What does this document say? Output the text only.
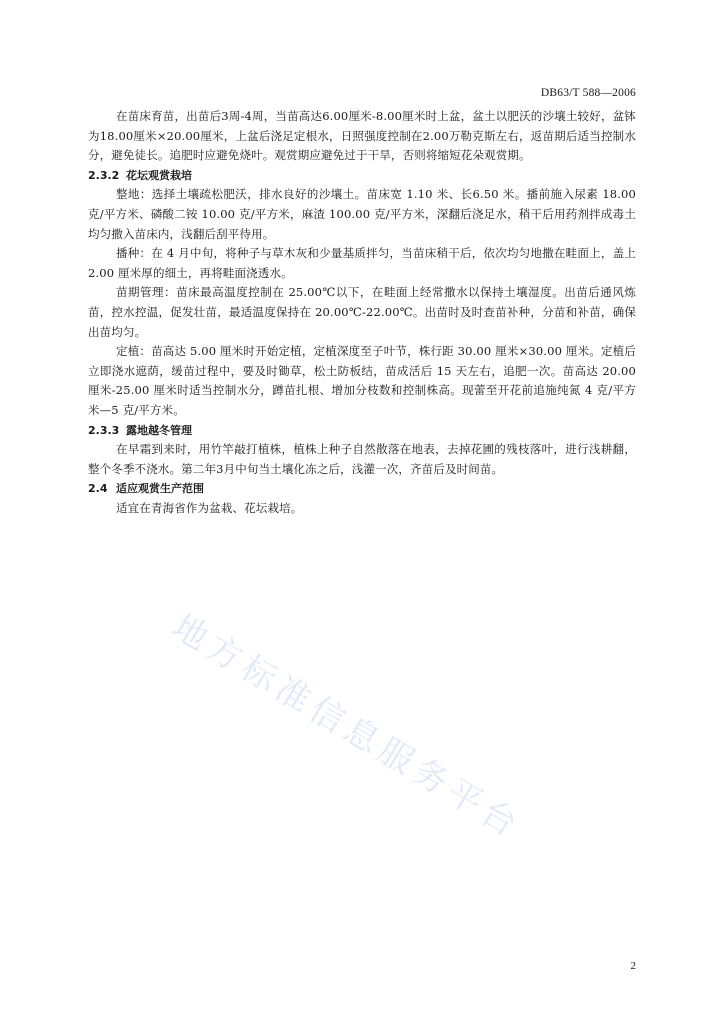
DB63/T 588—2006

在苗床育苗，出苗后3周-4周，当苗高达6.00厘米-8.00厘米时上盆，盆土以肥沃的沙壤土较好，盆钵为18.00厘米×20.00厘米，上盆后浇足定根水，日照强度控制在2.00万勒克斯左右，返苗期后适当控制水分，避免徒长。追肥时应避免烧叶。观赏期应避免过于干旱，否则将缩短花朵观赏期。

2.3.2 花坛观赏栽培

整地：选择土壤疏松肥沃，排水良好的沙壤土。苗床宽 1.10 米、长6.50 米。播前施入尿素 18.00 克/平方米、磷酸二铵 10.00 克/平方米，麻渣 100.00 克/平方米，深翻后浇足水，稍干后用药剂拌成毒土均匀撒入苗床内，浅翻后刮平待用。

播种：在 4 月中旬，将种子与草木灰和少量基质拌匀，当苗床稍干后，依次均匀地撒在畦面上，盖上 2.00 厘米厚的细土，再将畦面浇透水。

苗期管理：苗床最高温度控制在 25.00℃以下，在畦面上经常撒水以保持土壤湿度。出苗后通风炼苗，控水控温，促发壮苗，最适温度保持在 20.00℃-22.00℃。出苗时及时查苗补种，分苗和补苗，确保出苗均匀。

定植：苗高达 5.00 厘米时开始定植，定植深度至子叶节，株行距 30.00 厘米×30.00 厘米。定植后立即浇水遮荫，缓苗过程中，要及时锄草，松土防板结，苗成活后 15 天左右，追肥一次。苗高达 20.00 厘米-25.00 厘米时适当控制水分，蹲苗扎根、增加分枝数和控制株高。现蕾至开花前追施纯氮 4 克/平方米—5 克/平方米。

2.3.3 露地越冬管理

在早霜到来时，用竹竿敲打植株，植株上种子自然散落在地表，去掉花圃的残枝落叶，进行浅耕翻，整个冬季不浇水。第二年3月中旬当土壤化冻之后，浅灌一次，齐苗后及时间苗。

2.4 适应观赏生产范围

适宜在青海省作为盆栽、花坛栽培。

地方标准信息服务平台
2
